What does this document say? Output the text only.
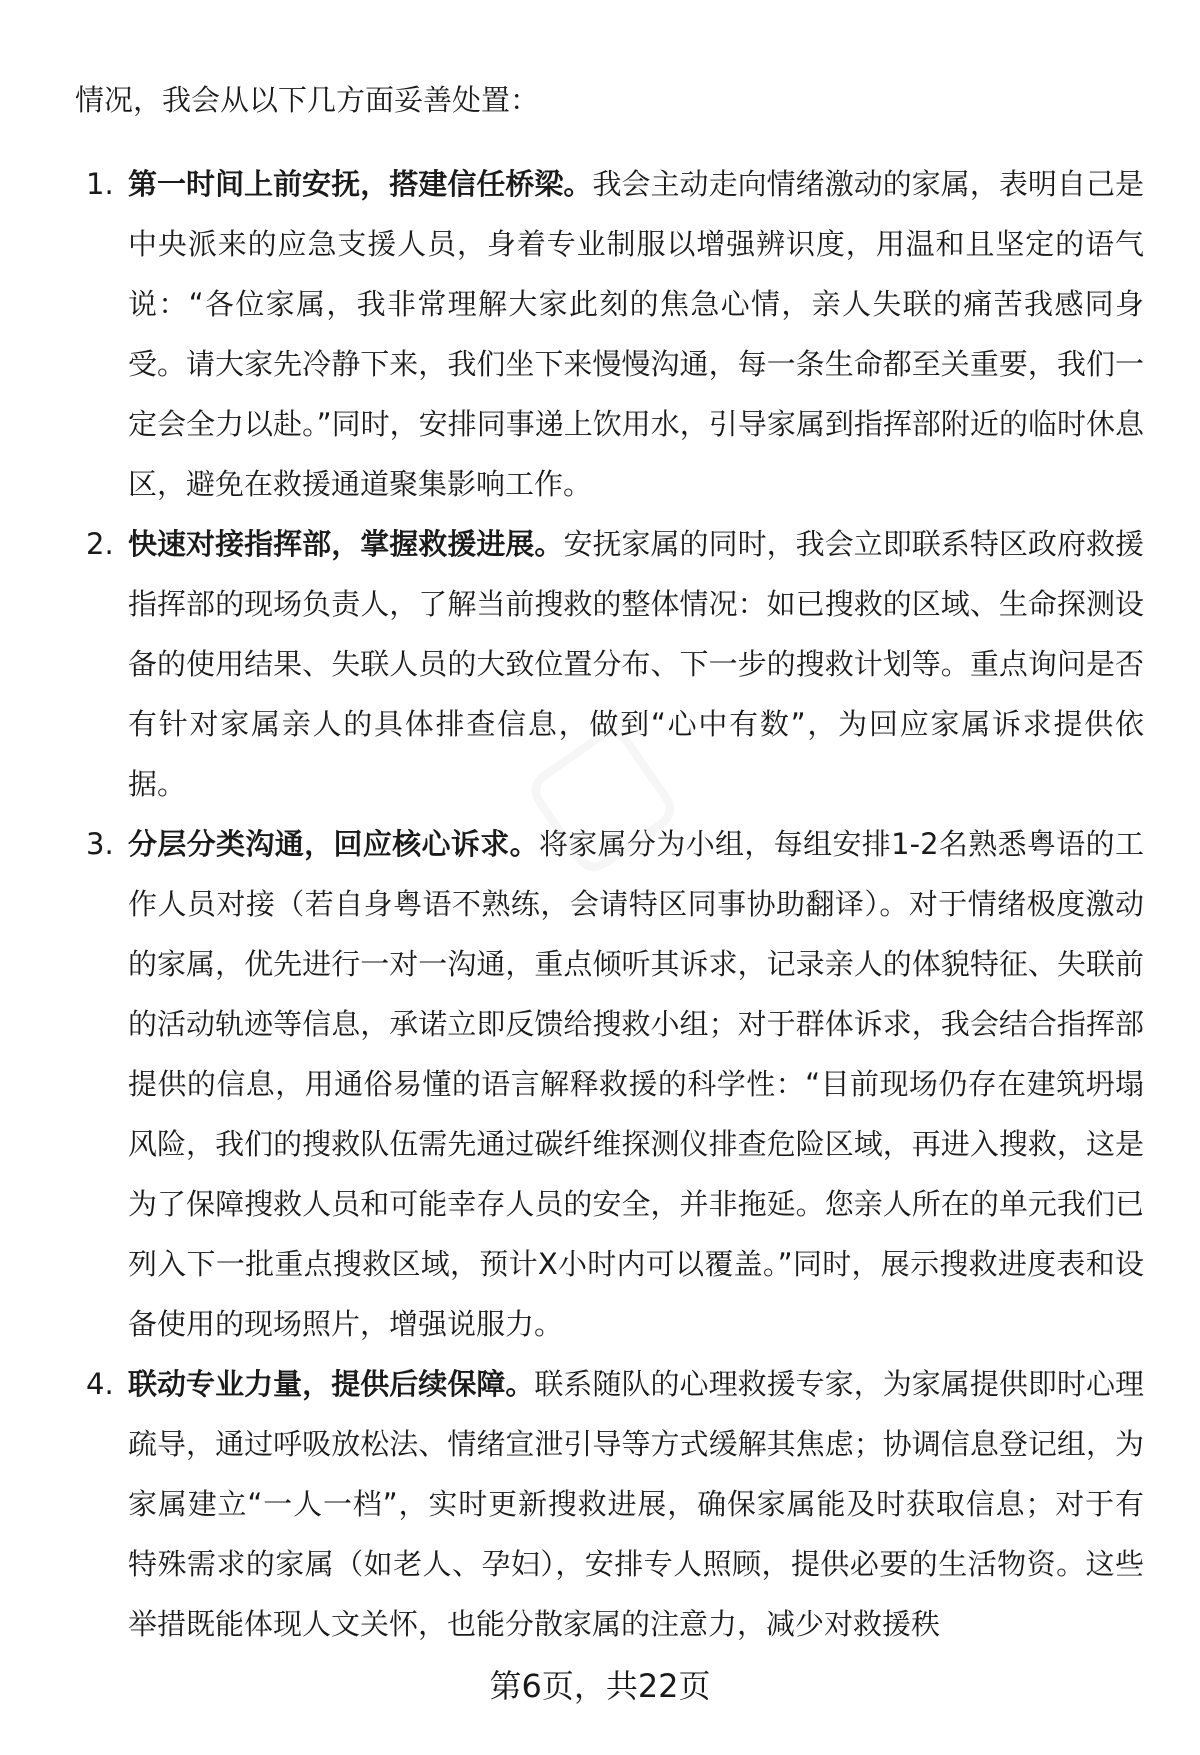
情况，我会从以下几方面妥善处置：

1. 第一时间上前安抚，搭建信任桥梁。我会主动走向情绪激动的家属，表明自己是中央派来的应急支援人员，身着专业制服以增强辨识度，用温和且坚定的语气说：“各位家属，我非常理解大家此刻的焦急心情，亲人失联的痛苦我感同身受。请大家先冷静下来，我们坐下来慢慢沟通，每一条生命都至关重要，我们一定会全力以赴。”同时，安排同事递上饮用水，引导家属到指挥部附近的临时休息区，避免在救援通道聚集影响工作。

2. 快速对接指挥部，掌握救援进展。安抚家属的同时，我会立即联系特区政府救援指挥部的现场负责人，了解当前搜救的整体情况：如已搜救的区域、生命探测设备的使用结果、失联人员的大致位置分布、下一步的搜救计划等。重点询问是否有针对家属亲人的具体排查信息，做到“心中有数”，为回应家属诉求提供依据。

3. 分层分类沟通，回应核心诉求。将家属分为小组，每组安排1-2名熟悉粤语的工作人员对接（若自身粤语不熟练，会请特区同事协助翻译）。对于情绪极度激动的家属，优先进行一对一沟通，重点倾听其诉求，记录亲人的体貌特征、失联前的活动轨迹等信息，承诺立即反馈给搜救小组；对于群体诉求，我会结合指挥部提供的信息，用通俗易懂的语言解释救援的科学性：“目前现场仍存在建筑坍塌风险，我们的搜救队伍需先通过碳纤维探测仪排查危险区域，再进入搜救，这是为了保障搜救人员和可能幸存人员的安全，并非拖延。您亲人所在的单元我们已列入下一批重点搜救区域，预计X小时内可以覆盖。”同时，展示搜救进度表和设备使用的现场照片，增强说服力。

4. 联动专业力量，提供后续保障。联系随队的心理救援专家，为家属提供即时心理疏导，通过呼吸放松法、情绪宣泄引导等方式缓解其焦虑；协调信息登记组，为家属建立“一人一档”，实时更新搜救进展，确保家属能及时获取信息；对于有特殊需求的家属（如老人、孕妇），安排专人照顾，提供必要的生活物资。这些举措既能体现人文关怀，也能分散家属的注意力，减少对救援秩

第6页，共22页
